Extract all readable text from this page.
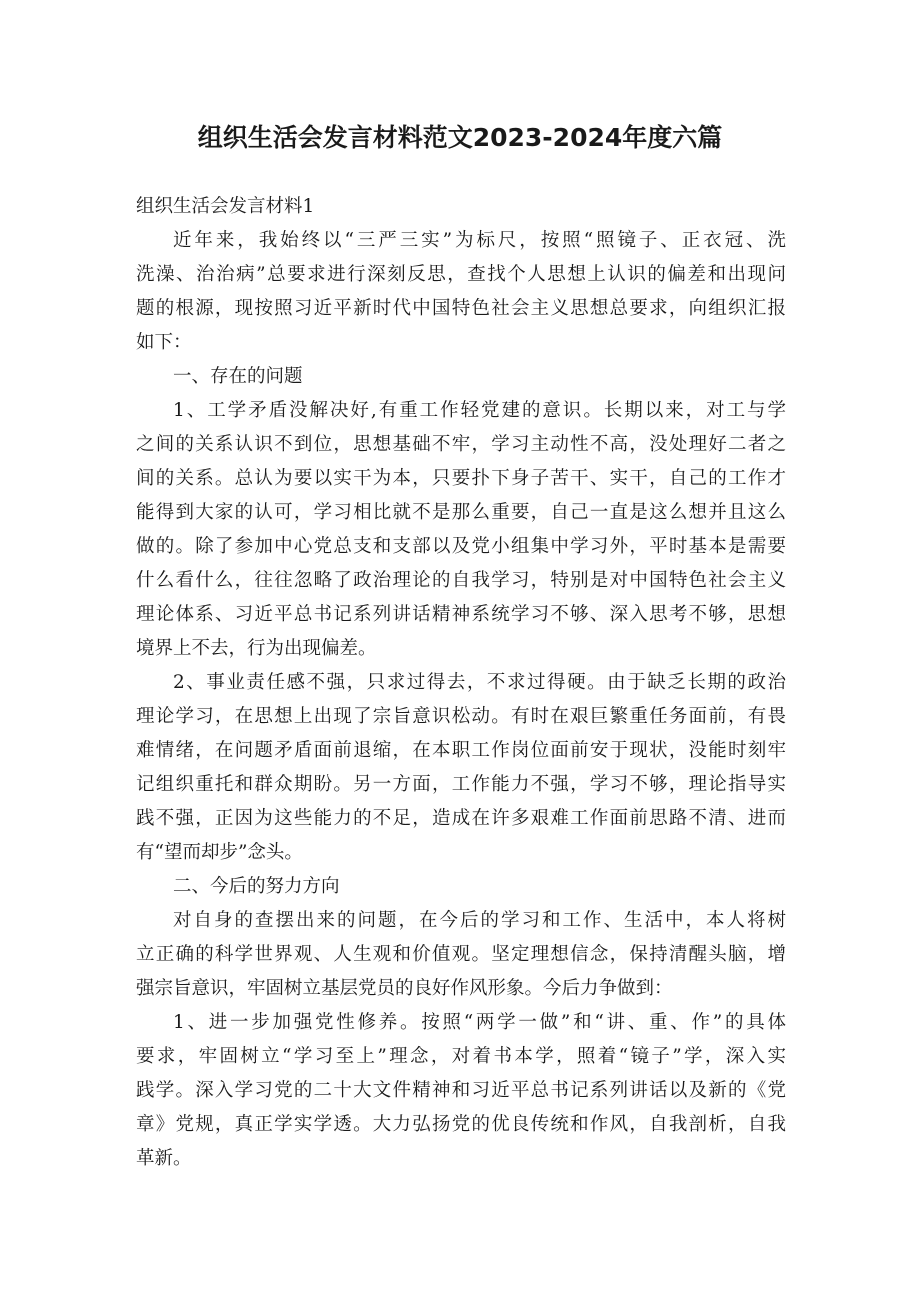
组织生活会发言材料范文2023-2024年度六篇

组织生活会发言材料1

近年来，我始终以“三严三实”为标尺，按照“照镜子、正衣冠、洗
洗澡、治治病”总要求进行深刻反思，查找个人思想上认识的偏差和出现问
题的根源，现按照习近平新时代中国特色社会主义思想总要求，向组织汇报
如下：

一、存在的问题

1、工学矛盾没解决好,有重工作轻党建的意识。长期以来，对工与学
之间的关系认识不到位，思想基础不牢，学习主动性不高，没处理好二者之
间的关系。总认为要以实干为本，只要扑下身子苦干、实干，自己的工作才
能得到大家的认可，学习相比就不是那么重要，自己一直是这么想并且这么
做的。除了参加中心党总支和支部以及党小组集中学习外，平时基本是需要
什么看什么，往往忽略了政治理论的自我学习，特别是对中国特色社会主义
理论体系、习近平总书记系列讲话精神系统学习不够、深入思考不够，思想
境界上不去，行为出现偏差。

2、事业责任感不强，只求过得去，不求过得硬。由于缺乏长期的政治
理论学习，在思想上出现了宗旨意识松动。有时在艰巨繁重任务面前，有畏
难情绪，在问题矛盾面前退缩，在本职工作岗位面前安于现状，没能时刻牢
记组织重托和群众期盼。另一方面，工作能力不强，学习不够，理论指导实
践不强，正因为这些能力的不足，造成在许多艰难工作面前思路不清、进而
有“望而却步”念头。

二、今后的努力方向

对自身的查摆出来的问题，在今后的学习和工作、生活中，本人将树
立正确的科学世界观、人生观和价值观。坚定理想信念，保持清醒头脑，增
强宗旨意识，牢固树立基层党员的良好作风形象。今后力争做到：

1、进一步加强党性修养。按照“两学一做”和“讲、重、作”的具体
要求，牢固树立“学习至上”理念，对着书本学，照着“镜子”学，深入实
践学。深入学习党的二十大文件精神和习近平总书记系列讲话以及新的《党
章》党规，真正学实学透。大力弘扬党的优良传统和作风，自我剖析，自我
革新。
